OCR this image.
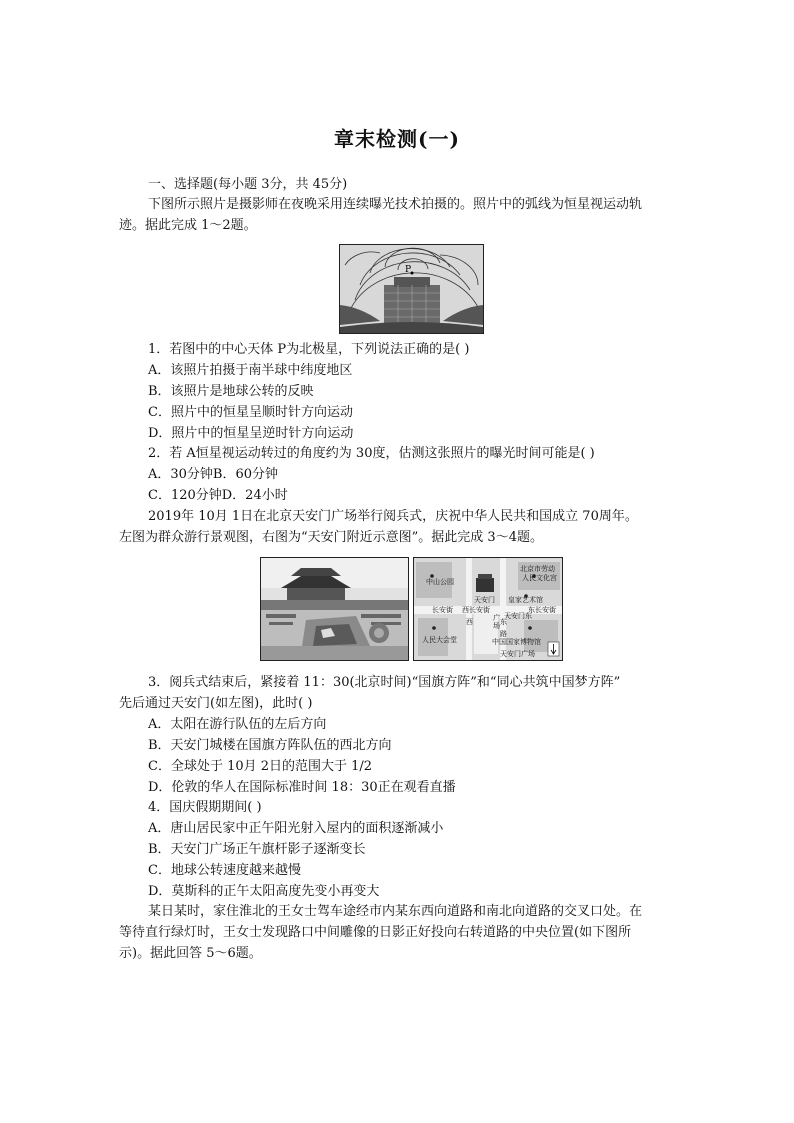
章末检测(一)
一、选择题(每小题 3分，共 45分)
下图所示照片是摄影师在夜晚采用连续曝光技术拍摄的。照片中的弧线为恒星视运动轨
迹。据此完成 1～2题。
P
1．若图中的中心天体 P为北极星，下列说法正确的是( )
A．该照片拍摄于南半球中纬度地区
B．该照片是地球公转的反映
C．照片中的恒星呈顺时针方向运动
D．照片中的恒星呈逆时针方向运动
2．若 A恒星视运动转过的角度约为 30度，估测这张照片的曝光时间可能是( )
A．30分钟B．60分钟
C．120分钟D．24小时
2019年 10月 1日在北京天安门广场举行阅兵式，庆祝中华人民共和国成立 70周年。
左图为群众游行景观图，右图为“天安门附近示意图”。据此完成 3～4题。
中山公园
北京市劳动
人民文化宫
天安门 皇家艺术馆
东长安街
西长安街
长安街
广
场
西	东
路
天安门东
人民大会堂	中国国家博物馆
天安门广场
3．阅兵式结束后，紧接着 11：30(北京时间)“国旗方阵”和“同心共筑中国梦方阵”
先后通过天安门(如左图)，此时( )
A．太阳在游行队伍的左后方向
B．天安门城楼在国旗方阵队伍的西北方向
C．全球处于 10月 2日的范围大于 1/2
D．伦敦的华人在国际标准时间 18：30正在观看直播
4．国庆假期期间( )
A．唐山居民家中正午阳光射入屋内的面积逐渐减小
B．天安门广场正午旗杆影子逐渐变长
C．地球公转速度越来越慢
D．莫斯科的正午太阳高度先变小再变大
某日某时，家住淮北的王女士驾车途经市内某东西向道路和南北向道路的交叉口处。在
等待直行绿灯时，王女士发现路口中间雕像的日影正好投向右转道路的中央位置(如下图所
示)。据此回答 5～6题。
